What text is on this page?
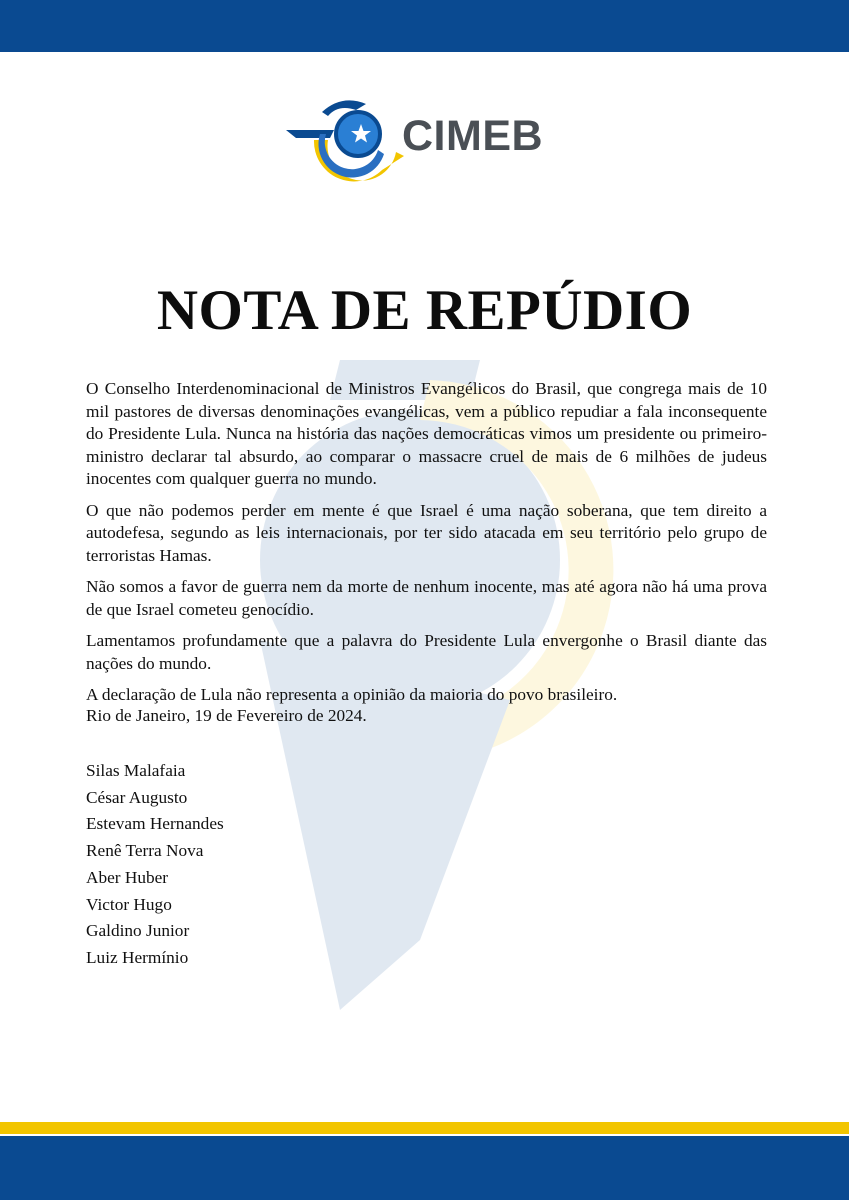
CIMEB
NOTA DE REPÚDIO

O Conselho Interdenominacional de Ministros Evangélicos do Brasil, que congrega mais de 10 mil pastores de diversas denominações evangélicas, vem a público repudiar a fala inconsequente do Presidente Lula. Nunca na história das nações democráticas vimos um presidente ou primeiro-ministro declarar tal absurdo, ao comparar o massacre cruel de mais de 6 milhões de judeus inocentes com qualquer guerra no mundo.

O que não podemos perder em mente é que Israel é uma nação soberana, que tem direito a autodefesa, segundo as leis internacionais, por ter sido atacada em seu território pelo grupo de terroristas Hamas.

Não somos a favor de guerra nem da morte de nenhum inocente, mas até agora não há uma prova de que Israel cometeu genocídio.

Lamentamos profundamente que a palavra do Presidente Lula envergonhe o Brasil diante das nações do mundo.

A declaração de Lula não representa a opinião da maioria do povo brasileiro.

Rio de Janeiro, 19 de Fevereiro de 2024.
Silas Malafaia
César Augusto
Estevam Hernandes
Renê Terra Nova
Aber Huber
Victor Hugo
Galdino Junior
Luiz Hermínio
